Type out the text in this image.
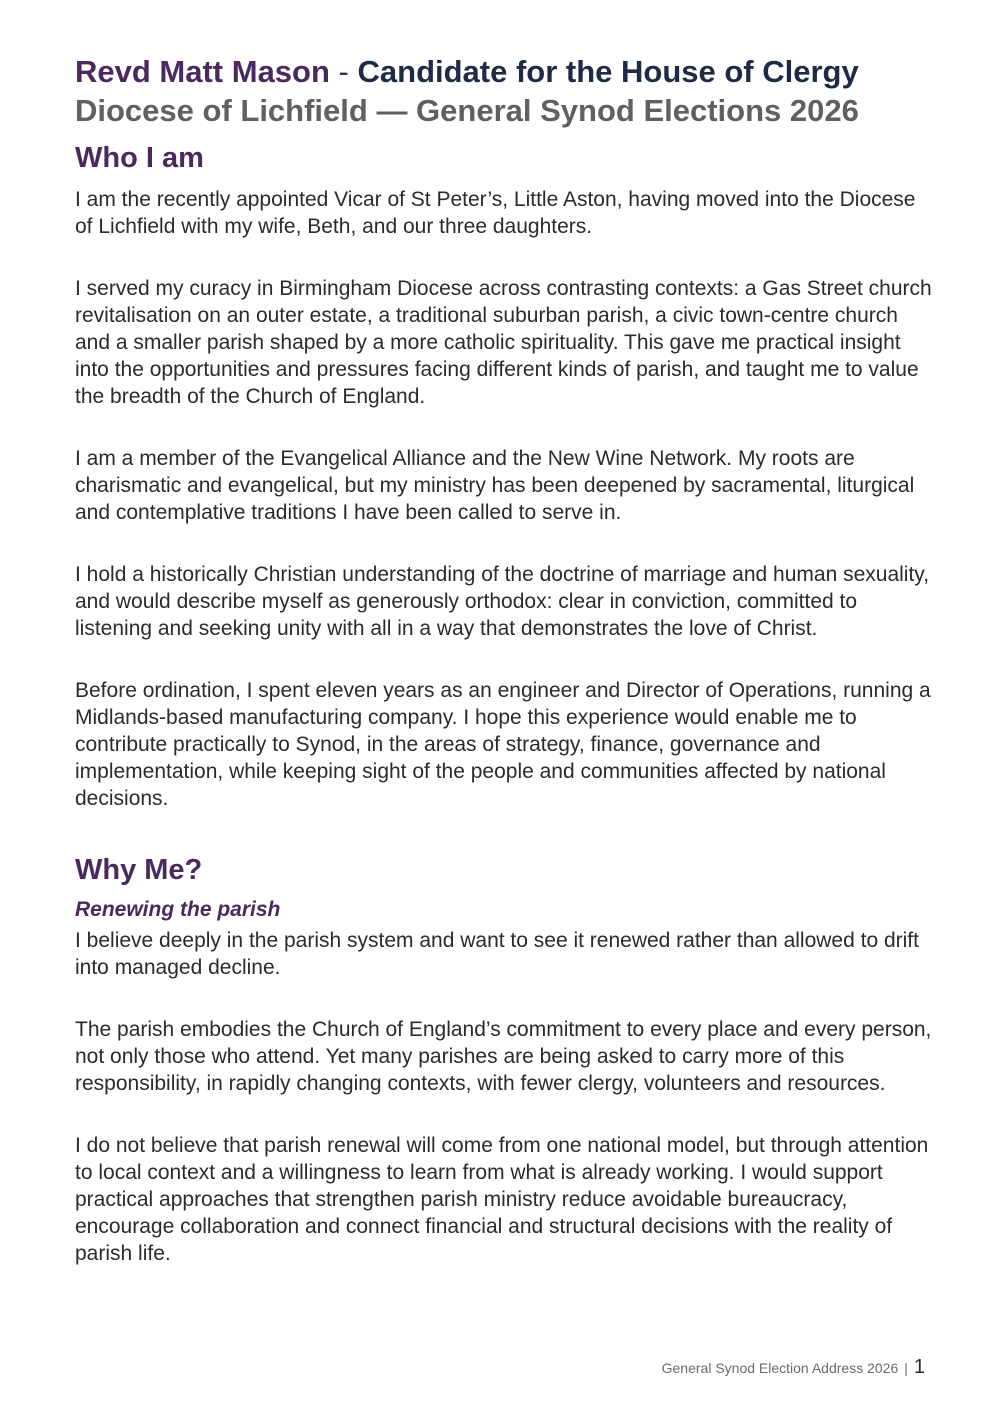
Revd Matt Mason - Candidate for the House of Clergy

Diocese of Lichfield — General Synod Elections 2026

Who I am

I am the recently appointed Vicar of St Peter’s, Little Aston, having moved into the Diocese of Lichfield with my wife, Beth, and our three daughters.

I served my curacy in Birmingham Diocese across contrasting contexts: a Gas Street church revitalisation on an outer estate, a traditional suburban parish, a civic town-centre church and a smaller parish shaped by a more catholic spirituality. This gave me practical insight into the opportunities and pressures facing different kinds of parish, and taught me to value the breadth of the Church of England.

I am a member of the Evangelical Alliance and the New Wine Network. My roots are charismatic and evangelical, but my ministry has been deepened by sacramental, liturgical and contemplative traditions I have been called to serve in.

I hold a historically Christian understanding of the doctrine of marriage and human sexuality, and would describe myself as generously orthodox: clear in conviction, committed to listening and seeking unity with all in a way that demonstrates the love of Christ.

Before ordination, I spent eleven years as an engineer and Director of Operations, running a Midlands-based manufacturing company. I hope this experience would enable me to contribute practically to Synod, in the areas of strategy, finance, governance and implementation, while keeping sight of the people and communities affected by national decisions.

Why Me?
Renewing the parish

I believe deeply in the parish system and want to see it renewed rather than allowed to drift into managed decline.

The parish embodies the Church of England’s commitment to every place and every person, not only those who attend. Yet many parishes are being asked to carry more of this responsibility, in rapidly changing contexts, with fewer clergy, volunteers and resources.

I do not believe that parish renewal will come from one national model, but through attention to local context and a willingness to learn from what is already working. I would support practical approaches that strengthen parish ministry reduce avoidable bureaucracy, encourage collaboration and connect financial and structural decisions with the reality of parish life.

General Synod Election Address 2026 | 1
